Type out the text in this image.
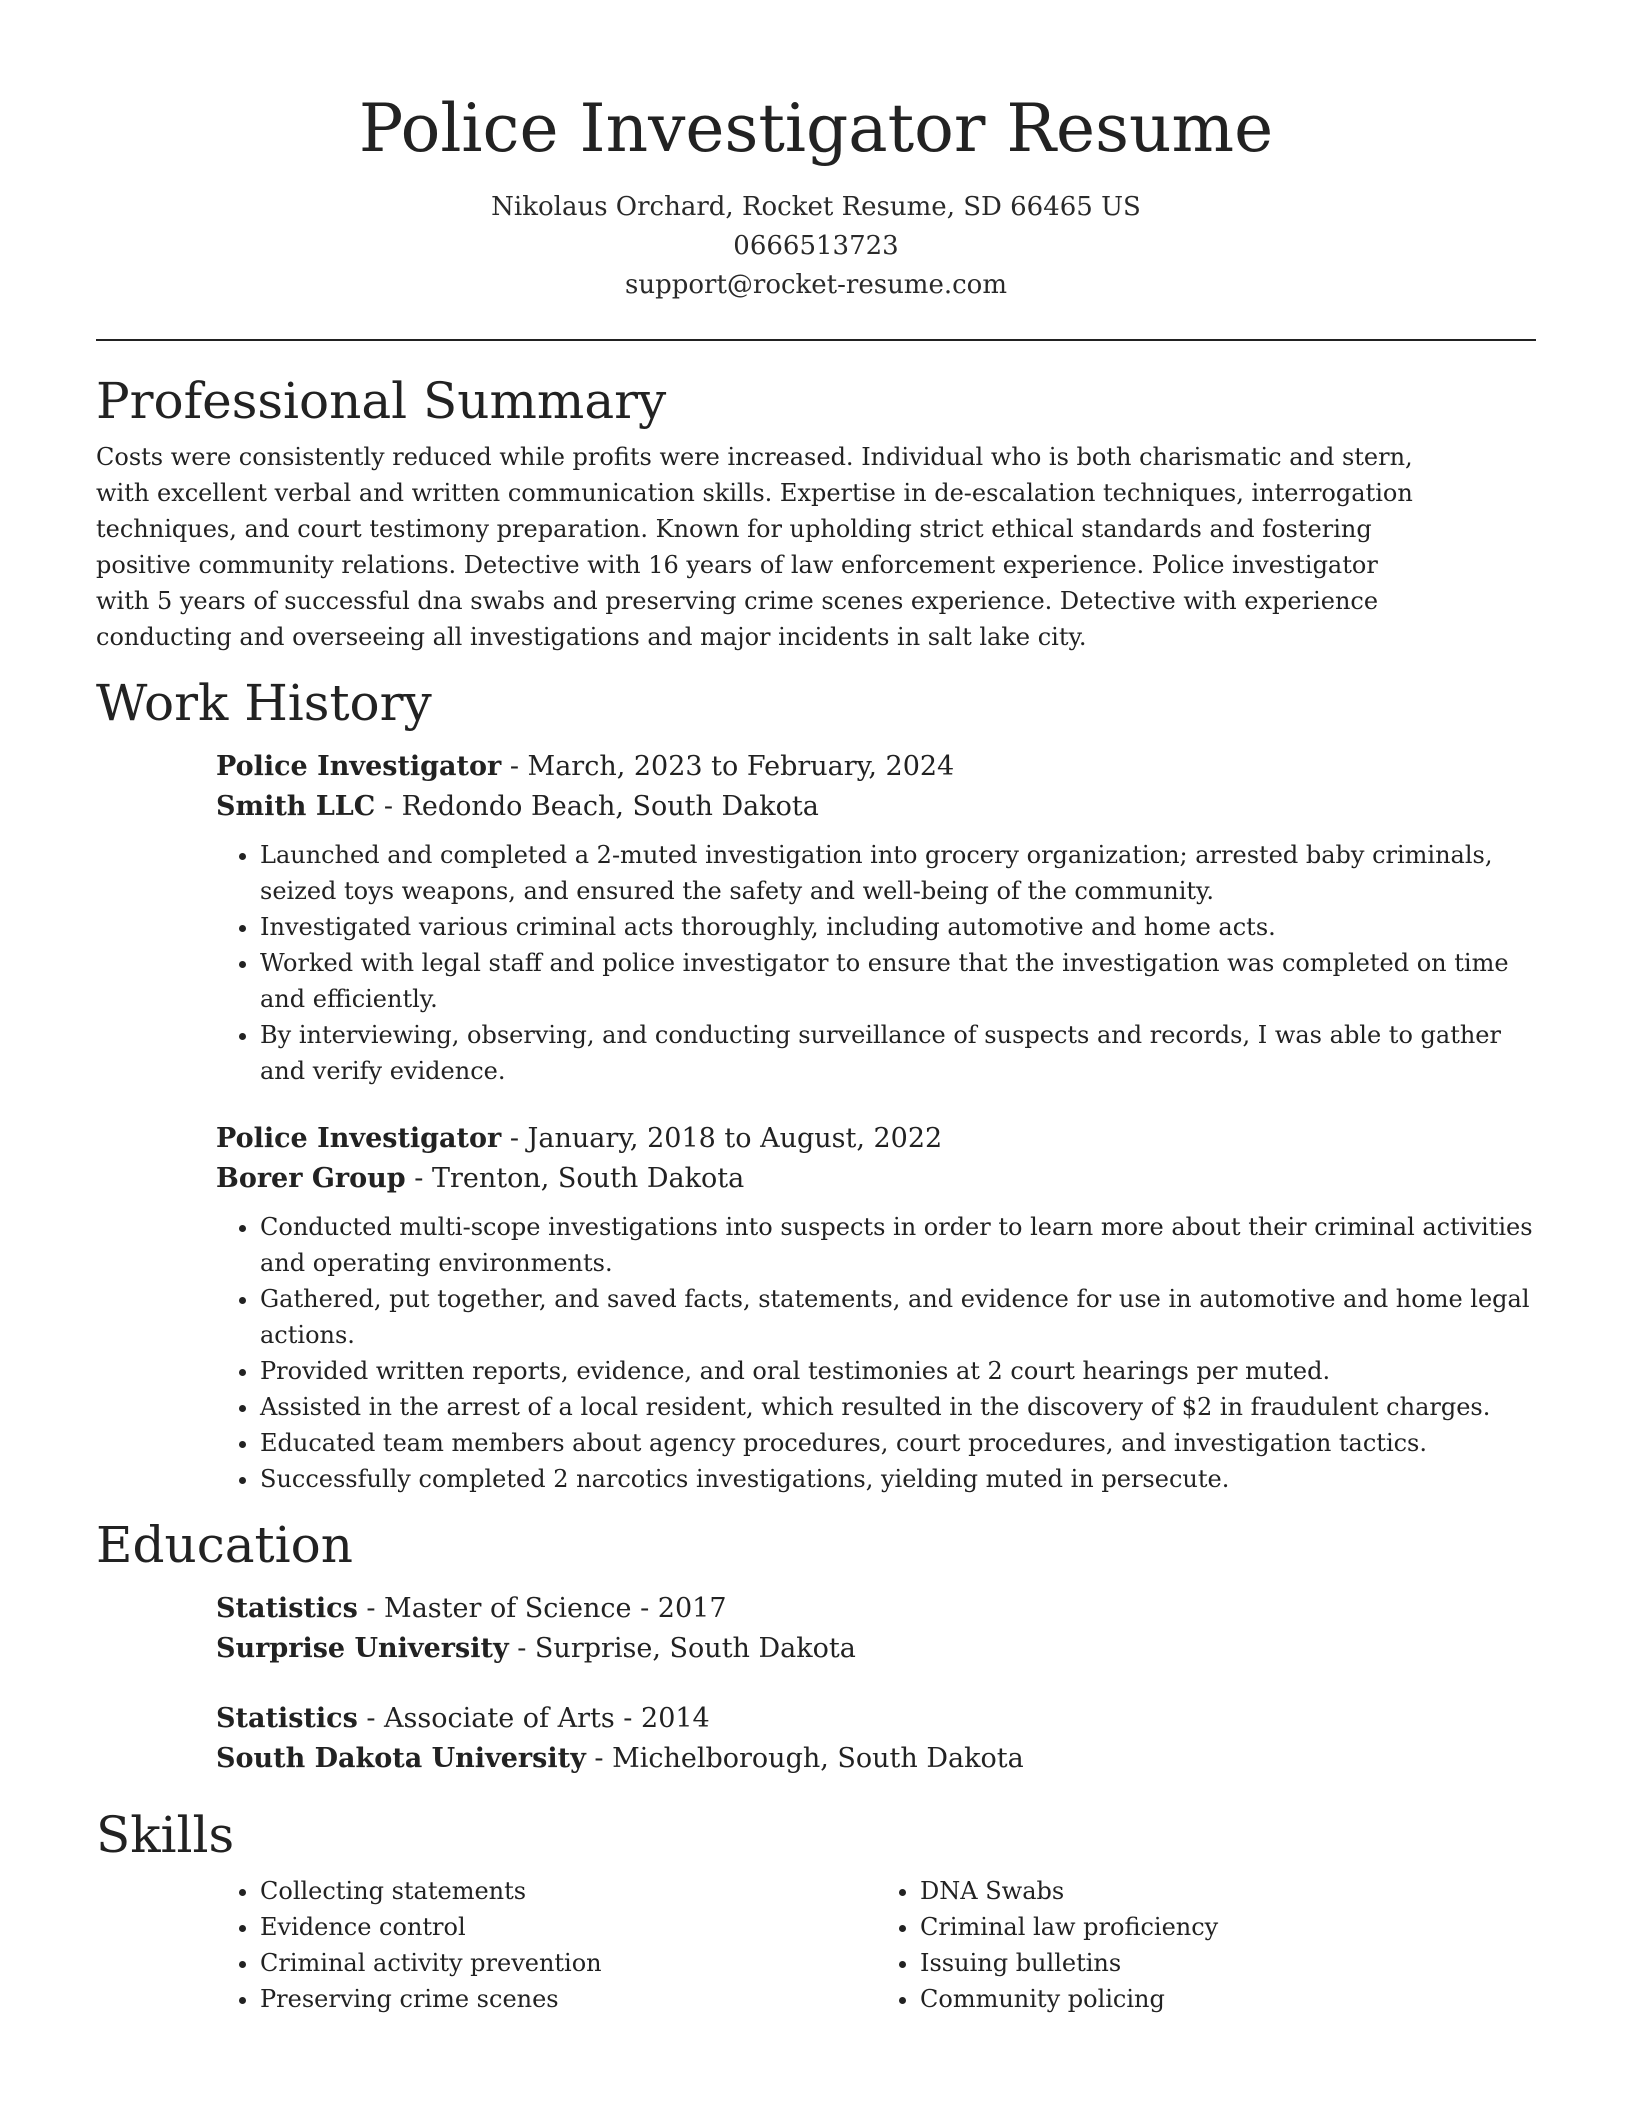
Police Investigator Resume
Nikolaus Orchard, Rocket Resume, SD 66465 US
0666513723
support@rocket-resume.com
Professional Summary

Costs were consistently reduced while profits were increased. Individual who is both charismatic and stern, with excellent verbal and written communication skills. Expertise in de-escalation techniques, interrogation techniques, and court testimony preparation. Known for upholding strict ethical standards and fostering positive community relations. Detective with 16 years of law enforcement experience. Police investigator with 5 years of successful dna swabs and preserving crime scenes experience. Detective with experience conducting and overseeing all investigations and major incidents in salt lake city.

Work History

Police Investigator - March, 2023 to February, 2024

Smith LLC - Redondo Beach, South Dakota

• Launched and completed a 2-muted investigation into grocery organization; arrested baby criminals, seized toys weapons, and ensured the safety and well-being of the community.
• Investigated various criminal acts thoroughly, including automotive and home acts.
• Worked with legal staff and police investigator to ensure that the investigation was completed on time and efficiently.
• By interviewing, observing, and conducting surveillance of suspects and records, I was able to gather and verify evidence.

Police Investigator - January, 2018 to August, 2022

Borer Group - Trenton, South Dakota

• Conducted multi-scope investigations into suspects in order to learn more about their criminal activities and operating environments.
• Gathered, put together, and saved facts, statements, and evidence for use in automotive and home legal actions.
• Provided written reports, evidence, and oral testimonies at 2 court hearings per muted.
• Assisted in the arrest of a local resident, which resulted in the discovery of $2 in fraudulent charges.
• Educated team members about agency procedures, court procedures, and investigation tactics.
• Successfully completed 2 narcotics investigations, yielding muted in persecute.
Education

Statistics - Master of Science - 2017

Surprise University - Surprise, South Dakota

Statistics - Associate of Arts - 2014

South Dakota University - Michelborough, South Dakota

Skills
• Collecting statements
• Evidence control
• Criminal activity prevention
• Preserving crime scenes
• DNA Swabs
• Criminal law proficiency
• Issuing bulletins
• Community policing
